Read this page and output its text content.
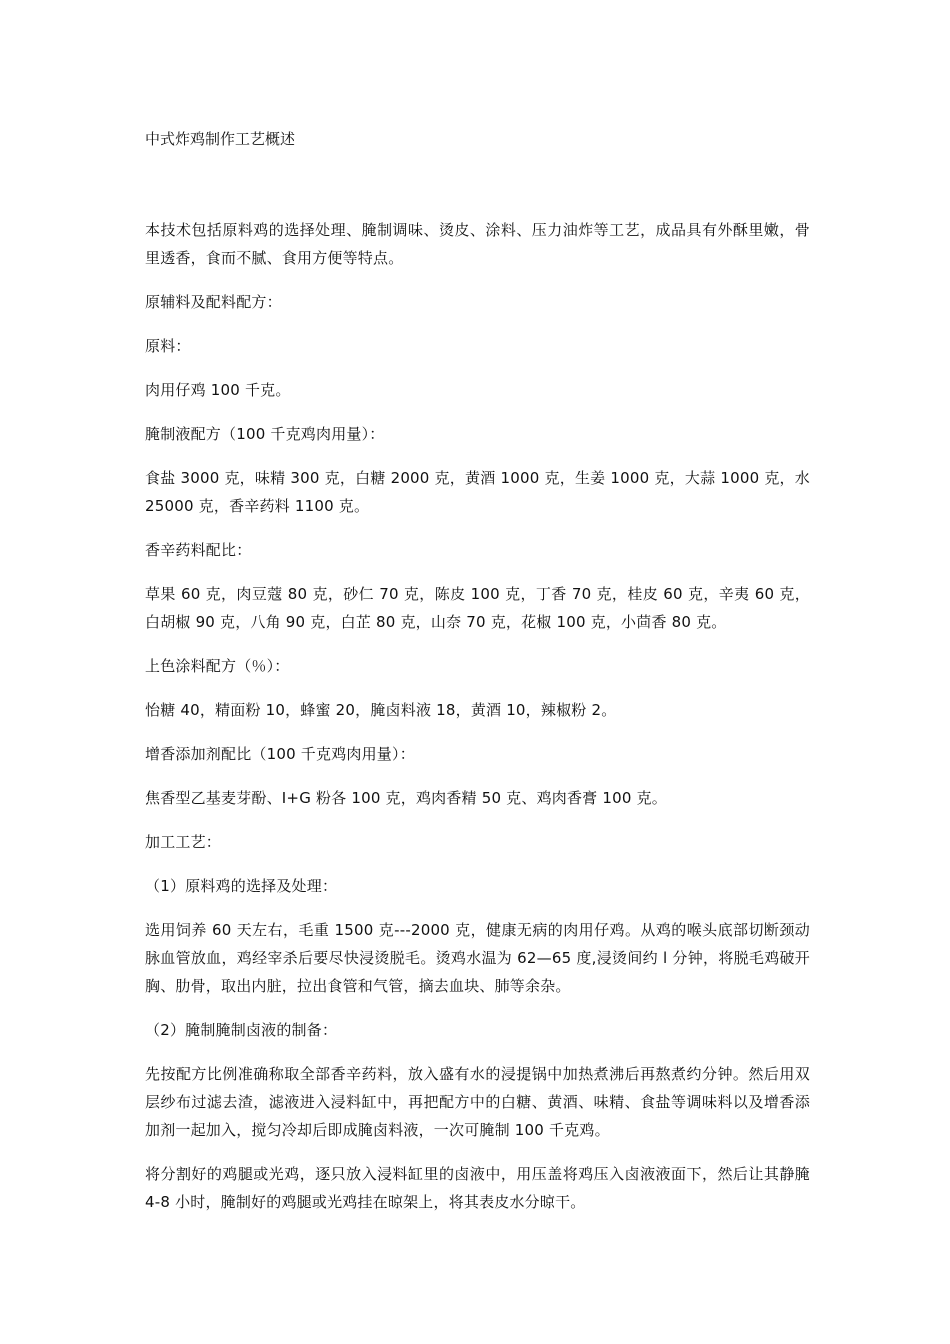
中式炸鸡制作工艺概述

本技术包括原料鸡的选择处理、腌制调味、烫皮、涂料、压力油炸等工艺，成品具有外酥里嫩，骨里透香，食而不腻、食用方便等特点。

原辅料及配料配方：

原料：

肉用仔鸡 100 千克。

腌制液配方（100 千克鸡肉用量）：

食盐 3000 克，味精 300 克，白糖 2000 克，黄酒 1000 克，生姜 1000 克，大蒜 1000 克，水 25000 克，香辛药料 1100 克。

香辛药料配比：

草果 60 克，肉豆蔻 80 克，砂仁 70 克，陈皮 100 克，丁香 70 克，桂皮 60 克，辛夷 60 克，白胡椒 90 克，八角 90 克，白芷 80 克，山奈 70 克，花椒 100 克，小茴香 80 克。

上色涂料配方（％）：

怡糖 40，精面粉 10，蜂蜜 20，腌卤料液 18，黄酒 10，辣椒粉 2。

增香添加剂配比（100 千克鸡肉用量）：

焦香型乙基麦芽酚、I+G 粉各 100 克，鸡肉香精 50 克、鸡肉香膏 100 克。

加工工艺：

（1）原料鸡的选择及处理：

选用饲养 60 天左右，毛重 1500 克---2000 克，健康无病的肉用仔鸡。从鸡的喉头底部切断颈动脉血管放血，鸡经宰杀后要尽快浸烫脱毛。烫鸡水温为 62—65 度,浸烫间约 l 分钟，将脱毛鸡破开胸、肋骨，取出内脏，拉出食管和气管，摘去血块、肺等余杂。

（2）腌制腌制卤液的制备：

先按配方比例准确称取全部香辛药料，放入盛有水的浸提锅中加热煮沸后再熬煮约分钟。然后用双层纱布过滤去渣，滤液进入浸料缸中，再把配方中的白糖、黄酒、味精、食盐等调味料以及增香添加剂一起加入，搅匀冷却后即成腌卤料液，一次可腌制 100 千克鸡。

将分割好的鸡腿或光鸡，逐只放入浸料缸里的卤液中，用压盖将鸡压入卤液液面下，然后让其静腌 4-8 小时，腌制好的鸡腿或光鸡挂在晾架上，将其表皮水分晾干。
